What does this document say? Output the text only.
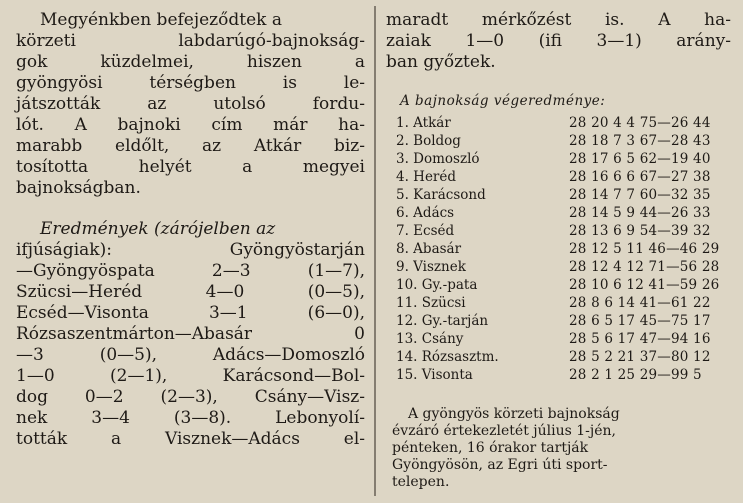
Megyénkben befejeződtek a
körzeti labdarúgó-bajnokság-
gok küzdelmei, hiszen a
gyöngyösi térségben is le-
játszották az utolsó fordu-
lót. A bajnoki cím már ha-
marabb eldőlt, az Atkár biz-
tosította helyét a megyei
bajnokságban.
Eredmények (zárójelben az
ifjúságiak): Gyöngyöstarján
—Gyöngyöspata 2—3 (1—7),
Szücsi—Heréd 4—0 (0—5),
Ecséd—Visonta 3—1 (6—0),
Rózsaszentmárton—Abasár 0
—3 (0—5), Adács—Domoszló
1—0 (2—1), Karácsond—Bol-
dog 0—2 (2—3), Csány—Visz-
nek 3—4 (3—8). Lebonyolí-
tották a Visznek—Adács el-
maradt mérkőzést is. A ha-
zaiak 1—0 (ifi 3—1) arány-
ban győztek.
A bajnokság végeredménye:
1. Atkár	28 20 4 4 75—26 44
2. Boldog	28 18 7 3 67—28 43
3. Domoszló	28 17 6 5 62—19 40
4. Heréd	28 16 6 6 67—27 38
5. Karácsond	28 14 7 7 60—32 35
6. Adács	28 14 5 9 44—26 33
7. Ecséd	28 13 6 9 54—39 32
8. Abasár	28 12 5 11 46—46 29
9. Visznek	28 12 4 12 71—56 28
10. Gy.-pata	28 10 6 12 41—59 26
11. Szücsi	28 8 6 14 41—61 22
12. Gy.-tarján	28 6 5 17 45—75 17
13. Csány	28 5 6 17 47—94 16
14. Rózsasztm.	28 5 2 21 37—80 12
15. Visonta	28 2 1 25 29—99 5
A gyöngyös körzeti bajnokság
évzáró értekezletét július 1-jén,
pénteken, 16 órakor tartják
Gyöngyösön, az Egri úti sport-
telepen.
